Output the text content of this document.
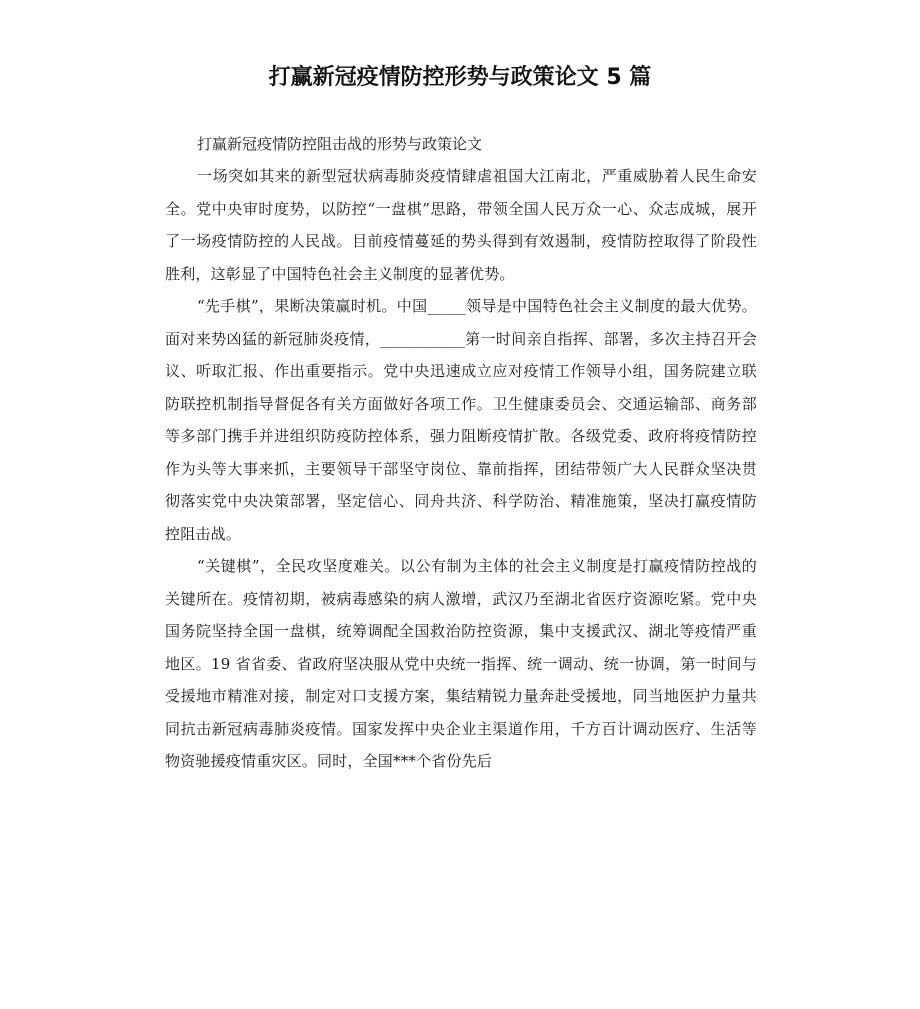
打赢新冠疫情防控形势与政策论文 5 篇

打赢新冠疫情防控阻击战的形势与政策论文

一场突如其来的新型冠状病毒肺炎疫情肆虐祖国大江南北，严重威胁着人民生命安全。党中央审时度势，以防控“一盘棋”思路，带领全国人民万众一心、众志成城，展开了一场疫情防控的人民战。目前疫情蔓延的势头得到有效遏制，疫情防控取得了阶段性胜利，这彰显了中国特色社会主义制度的显著优势。

“先手棋”，果断决策赢时机。中国_____领导是中国特色社会主义制度的最大优势。面对来势凶猛的新冠肺炎疫情，___________第一时间亲自指挥、部署，多次主持召开会议、听取汇报、作出重要指示。党中央迅速成立应对疫情工作领导小组，国务院建立联防联控机制指导督促各有关方面做好各项工作。卫生健康委员会、交通运输部、商务部等多部门携手并进组织防疫防控体系，强力阻断疫情扩散。各级党委、政府将疫情防控作为头等大事来抓，主要领导干部坚守岗位、靠前指挥，团结带领广大人民群众坚决贯彻落实党中央决策部署，坚定信心、同舟共济、科学防治、精准施策，坚决打赢疫情防控阻击战。

“关键棋”，全民攻坚度难关。以公有制为主体的社会主义制度是打赢疫情防控战的关键所在。疫情初期，被病毒感染的病人激增，武汉乃至湖北省医疗资源吃紧。党中央国务院坚持全国一盘棋，统筹调配全国救治防控资源，集中支援武汉、湖北等疫情严重地区。19 省省委、省政府坚决服从党中央统一指挥、统一调动、统一协调，第一时间与受援地市精准对接，制定对口支援方案，集结精锐力量奔赴受援地，同当地医护力量共同抗击新冠病毒肺炎疫情。国家发挥中央企业主渠道作用，千方百计调动医疗、生活等物资驰援疫情重灾区。同时，全国***个省份先后
